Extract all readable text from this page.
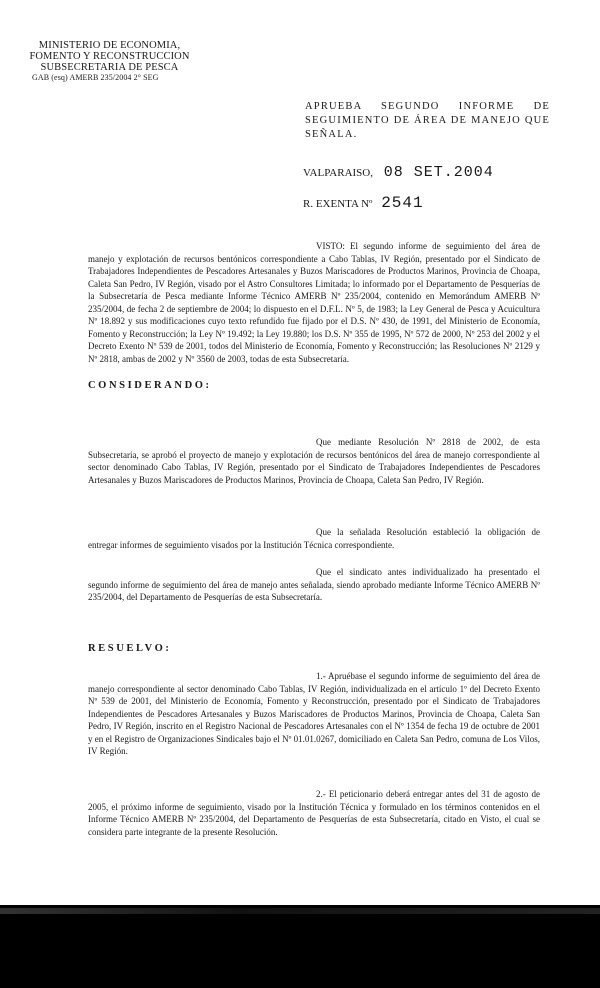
MINISTERIO DE ECONOMIA,
FOMENTO Y RECONSTRUCCION
SUBSECRETARIA DE PESCA
GAB (esq) AMERB 235/2004 2° SEG
APRUEBA SEGUNDO INFORME DE SEGUIMIENTO DE ÁREA DE MANEJO QUE SEÑALA.
VALPARAISO, 08 SET.2004
R. EXENTA Nº 2541
VISTO: El segundo informe de seguimiento del área de manejo y explotación de recursos bentónicos correspondiente a Cabo Tablas, IV Región, presentado por el Sindicato de Trabajadores Independientes de Pescadores Artesanales y Buzos Mariscadores de Productos Marinos, Provincia de Choapa, Caleta San Pedro, IV Región, visado por el Astro Consultores Limitada; lo informado por el Departamento de Pesquerías de la Subsecretaría de Pesca mediante Informe Técnico AMERB Nº 235/2004, contenido en Memorándum AMERB Nº 235/2004, de fecha 2 de septiembre de 2004; lo dispuesto en el D.F.L. Nº 5, de 1983; la Ley General de Pesca y Acuicultura Nº 18.892 y sus modificaciones cuyo texto refundido fue fijado por el D.S. Nº 430, de 1991, del Ministerio de Economía, Fomento y Reconstrucción; la Ley Nº 19.492; la Ley 19.880; los D.S. Nº 355 de 1995, Nº 572 de 2000, Nº 253 del 2002 y el Decreto Exento Nº 539 de 2001, todos del Ministerio de Economía, Fomento y Reconstrucción; las Resoluciones Nº 2129 y Nº 2818, ambas de 2002 y Nº 3560 de 2003, todas de esta Subsecretaría.
CONSIDERANDO:
Que mediante Resolución Nº 2818 de 2002, de esta Subsecretaría, se aprobó el proyecto de manejo y explotación de recursos bentónicos del área de manejo correspondiente al sector denominado Cabo Tablas, IV Región, presentado por el Sindicato de Trabajadores Independientes de Pescadores Artesanales y Buzos Mariscadores de Productos Marinos, Provincia de Choapa, Caleta San Pedro, IV Región.
Que la señalada Resolución estableció la obligación de entregar informes de seguimiento visados por la Institución Técnica correspondiente.
Que el sindicato antes individualizado ha presentado el segundo informe de seguimiento del área de manejo antes señalada, siendo aprobado mediante Informe Técnico AMERB Nº 235/2004, del Departamento de Pesquerías de esta Subsecretaría.
RESUELVO:
1.- Apruébase el segundo informe de seguimiento del área de manejo correspondiente al sector denominado Cabo Tablas, IV Región, individualizada en el artículo 1º del Decreto Exento Nº 539 de 2001, del Ministerio de Economía, Fomento y Reconstrucción, presentado por el Sindicato de Trabajadores Independientes de Pescadores Artesanales y Buzos Mariscadores de Productos Marinos, Provincia de Choapa, Caleta San Pedro, IV Región, inscrito en el Registro Nacional de Pescadores Artesanales con el Nº 1354 de fecha 19 de octubre de 2001 y en el Registro de Organizaciones Sindicales bajo el Nº 01.01.0267, domiciliado en Caleta San Pedro, comuna de Los Vilos, IV Región.
2.- El peticionario deberá entregar antes del 31 de agosto de 2005, el próximo informe de seguimiento, visado por la Institución Técnica y formulado en los términos contenidos en el Informe Técnico AMERB Nº 235/2004, del Departamento de Pesquerías de esta Subsecretaría, citado en Visto, el cual se considera parte integrante de la presente Resolución.
